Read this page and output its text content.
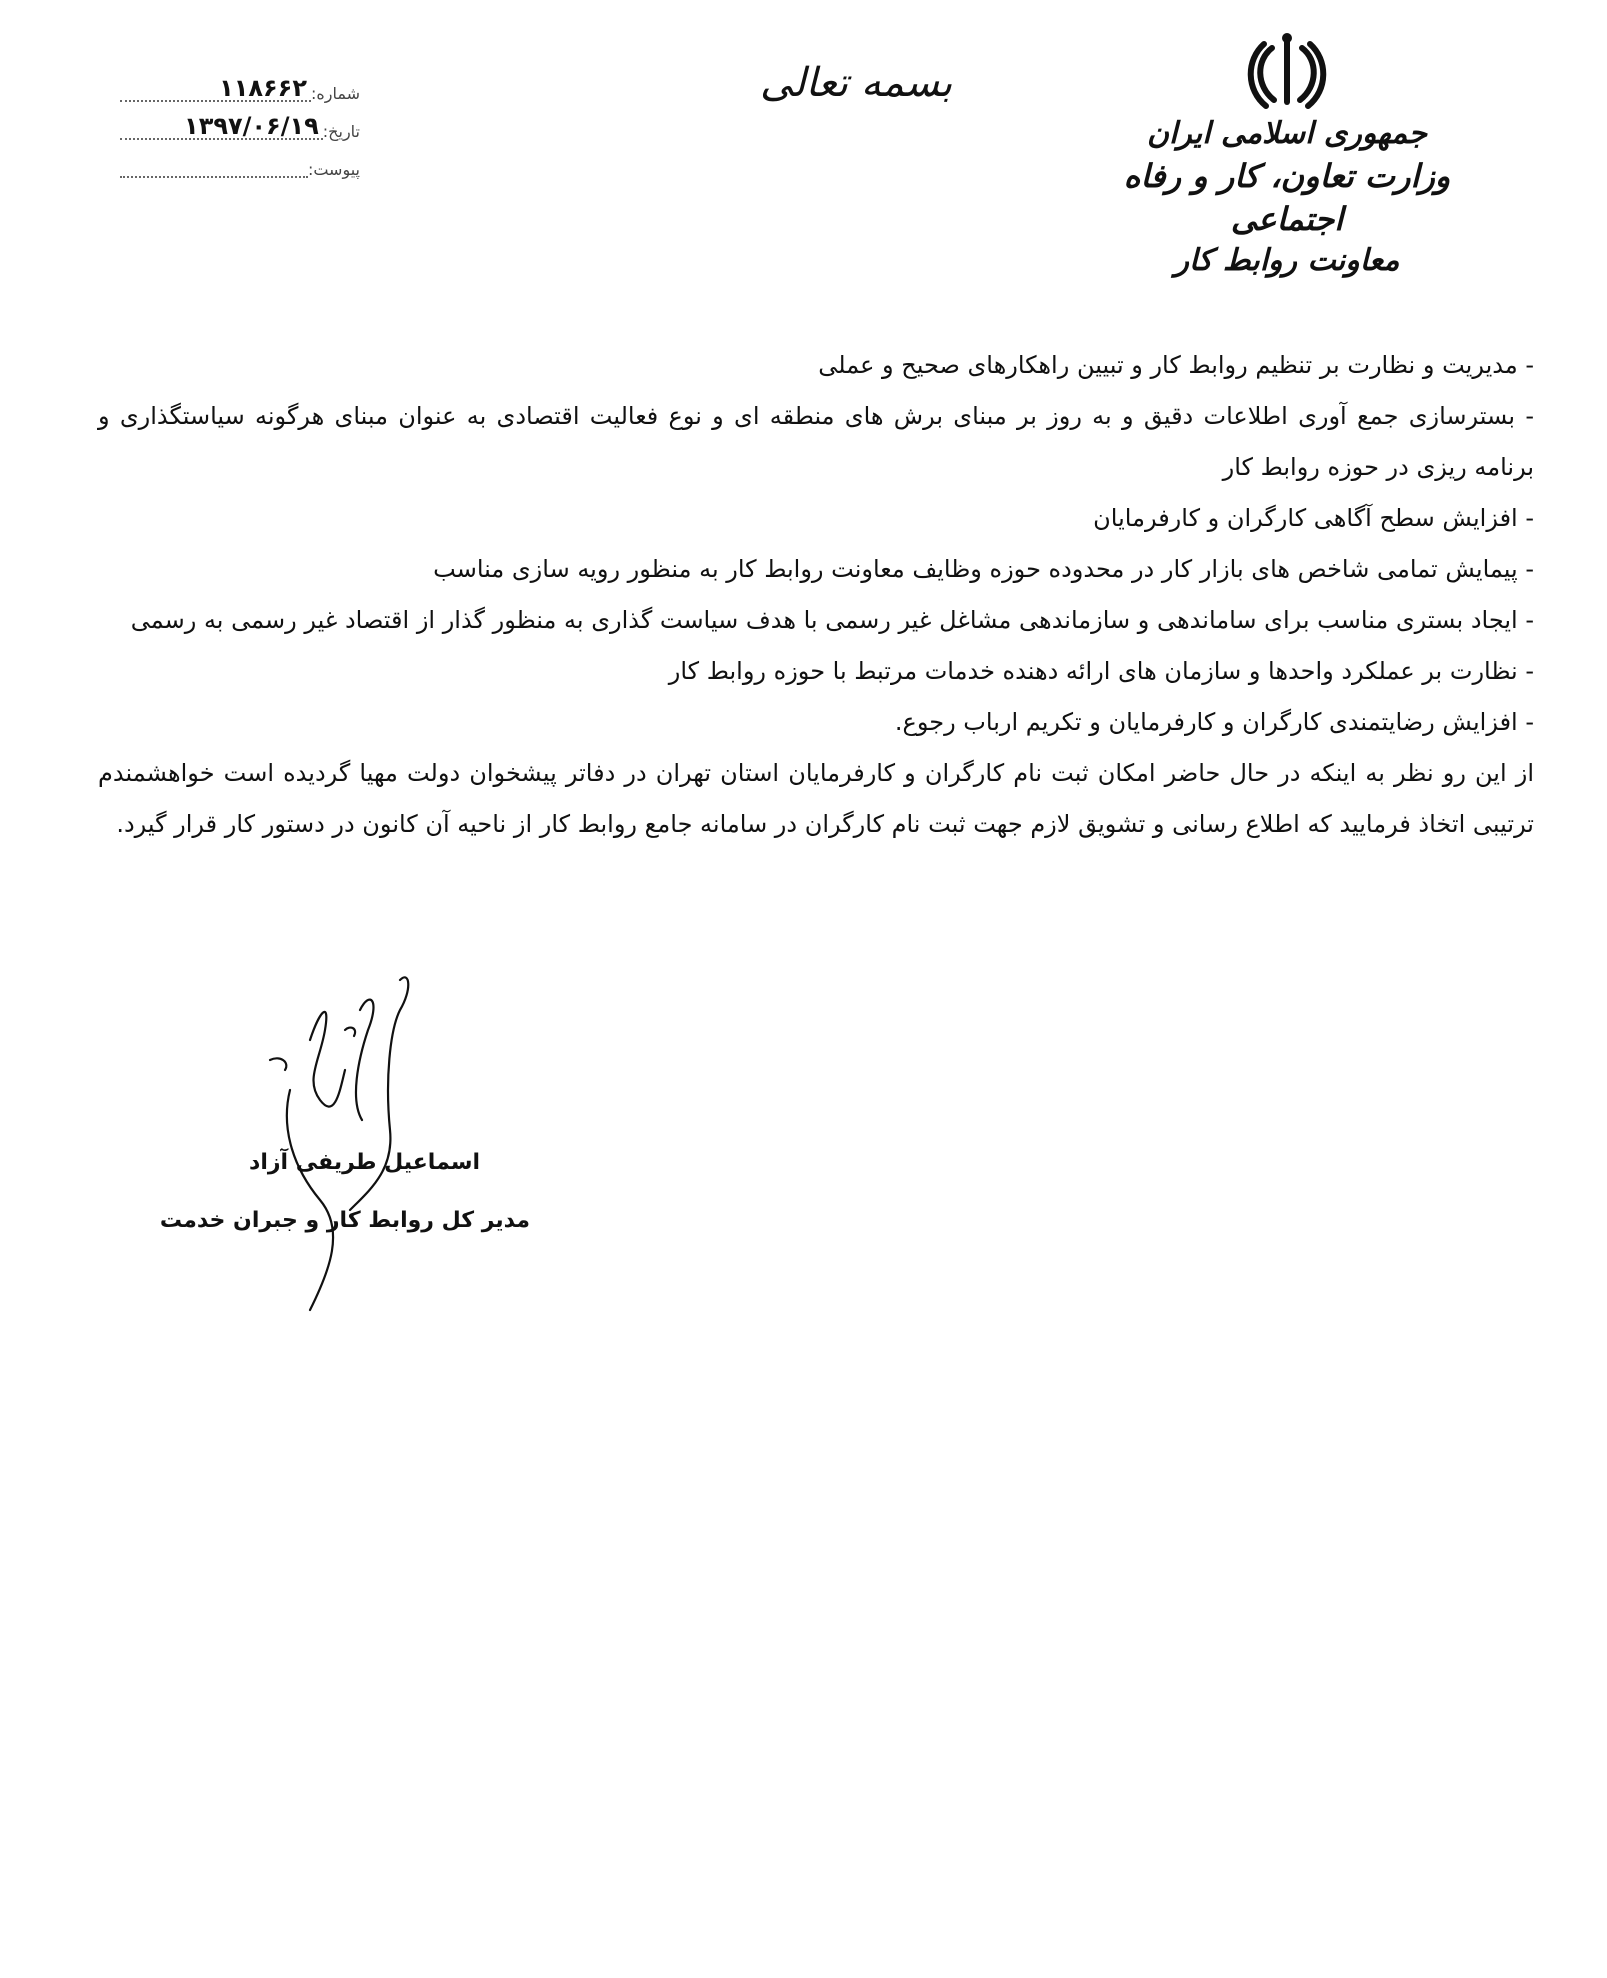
جمهوری اسلامی ایران
وزارت تعاون، کار و رفاه اجتماعی
معاونت روابط کار
بسمه تعالی
شماره:
۱۱۸۶۶۲
تاریخ:
۱۳۹۷/۰۶/۱۹
پیوست:
- مدیریت و نظارت بر تنظیم روابط کار و تبیین راهکارهای صحیح و عملی
- بسترسازی جمع آوری اطلاعات دقیق و به روز بر مبنای برش های منطقه ای و نوع فعالیت اقتصادی به عنوان مبنای هرگونه سیاستگذاری و برنامه ریزی در حوزه روابط کار
- افزایش سطح آگاهی کارگران و کارفرمایان
- پیمایش تمامی شاخص های بازار کار در محدوده حوزه وظایف معاونت روابط کار به منظور رویه سازی مناسب
- ایجاد بستری مناسب برای ساماندهی و سازماندهی مشاغل غیر رسمی با هدف سیاست گذاری به منظور گذار از اقتصاد غیر رسمی به رسمی
- نظارت بر عملکرد واحدها و سازمان های ارائه دهنده خدمات مرتبط با حوزه روابط کار
- افزایش رضایتمندی کارگران و کارفرمایان و تکریم ارباب رجوع.

از این رو نظر به اینکه در حال حاضر امکان ثبت نام کارگران و کارفرمایان استان تهران در دفاتر پیشخوان دولت مهیا گردیده است خواهشمندم ترتیبی اتخاذ فرمایید که اطلاع رسانی و تشویق لازم جهت ثبت نام کارگران در سامانه جامع روابط کار از ناحیه آن کانون در دستور کار قرار گیرد.

اسماعیل طریفی آزاد
مدیر کل روابط کار و جبران خدمت
